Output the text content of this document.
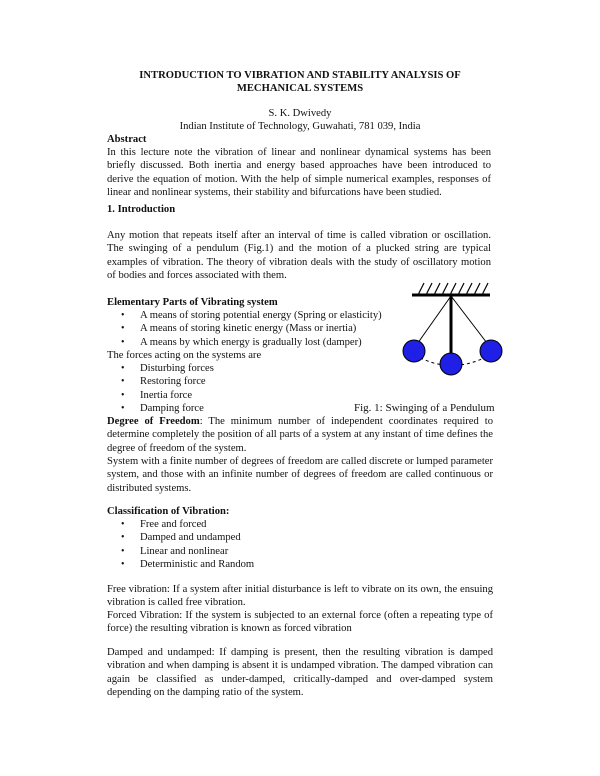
INTRODUCTION TO VIBRATION AND STABILITY ANALYSIS OF
MECHANICAL SYSTEMS
S. K. Dwivedy
Indian Institute of Technology, Guwahati, 781 039, India
Abstract
In this lecture note the vibration of linear and nonlinear dynamical systems has been briefly discussed. Both inertia and energy based approaches have been introduced to derive the equation of motion. With the help of simple numerical examples, responses of linear and nonlinear systems, their stability and bifurcations have been studied.
1. Introduction
Any motion that repeats itself after an interval of time is called vibration or oscillation. The swinging of a pendulum (Fig.1) and the motion of a plucked string are typical examples of vibration. The theory of vibration deals with the study of oscillatory motion of bodies and forces associated with them.
Elementary Parts of Vibrating system
• A means of storing potential energy (Spring or elasticity)
• A means of storing kinetic energy (Mass or inertia)
• A means by which energy is gradually lost (damper)
The forces acting on the systems are
• Disturbing forces
• Restoring force
• Inertia force
• Damping force	Fig. 1: Swinging of a Pendulum
Degree of Freedom: The minimum number of independent coordinates required to determine completely the position of all parts of a system at any instant of time defines the degree of freedom of the system.
System with a finite number of degrees of freedom are called discrete or lumped parameter system, and those with an infinite number of degrees of freedom are called continuous or distributed systems.
Classification of Vibration:
• Free and forced
• Damped and undamped
• Linear and nonlinear
• Deterministic and Random
Free vibration: If a system after initial disturbance is left to vibrate on its own, the ensuing vibration is called free vibration.
Forced Vibration: If the system is subjected to an external force (often a repeating type of force) the resulting vibration is known as forced vibration
Damped and undamped: If damping is present, then the resulting vibration is damped vibration and when damping is absent it is undamped vibration. The damped vibration can again be classified as under-damped, critically-damped and over-damped system depending on the damping ratio of the system.
